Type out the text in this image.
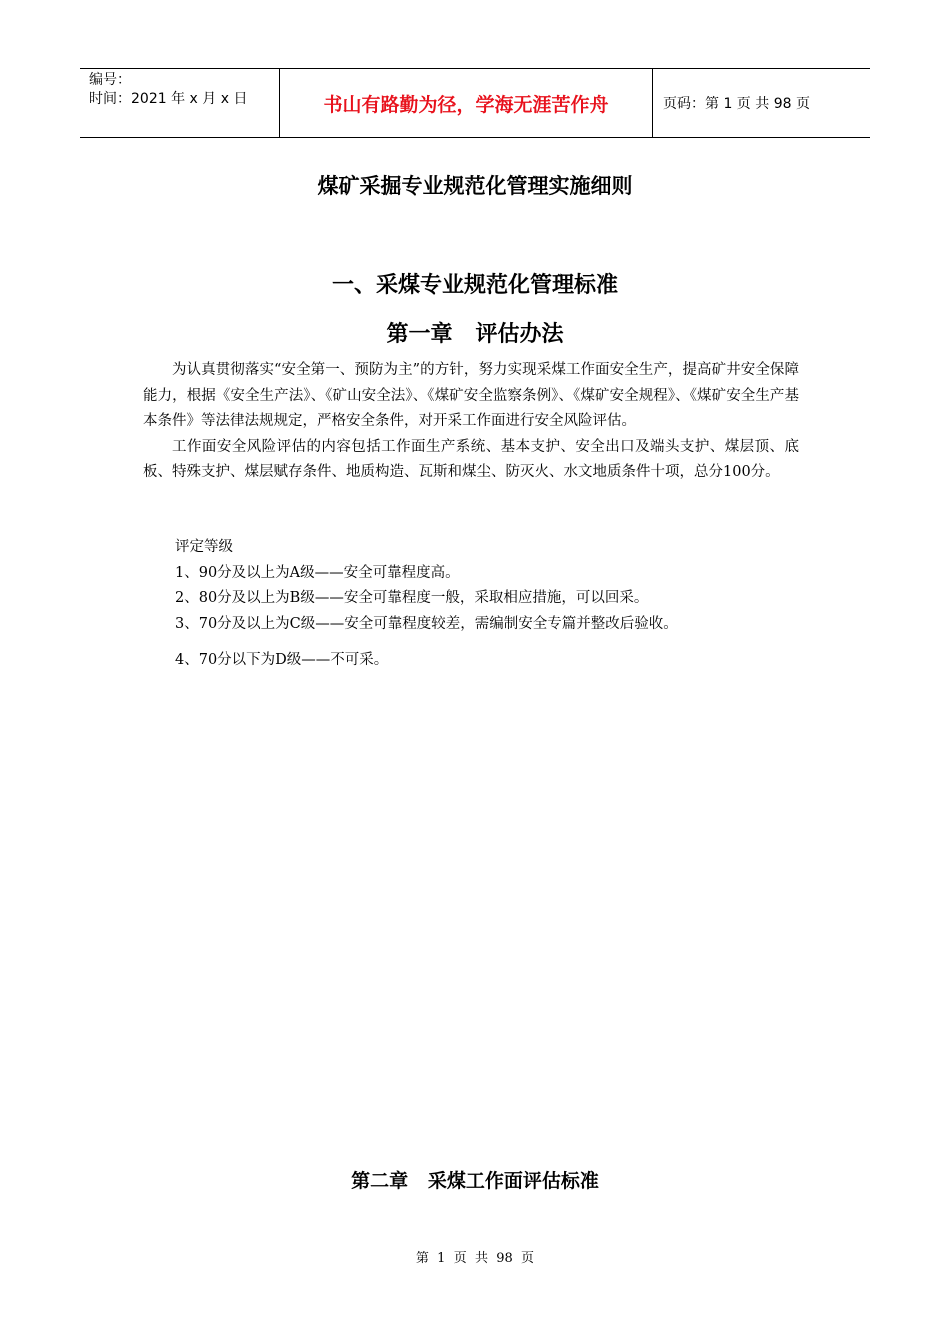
编号：
时间：2021 年 x 月 x 日	书山有路勤为径，学海无涯苦作舟	页码：第 1 页 共 98 页
煤矿采掘专业规范化管理实施细则
一、采煤专业规范化管理标准
第一章   评估办法

为认真贯彻落实“安全第一、预防为主”的方针，努力实现采煤工作面安全生产，提高矿井安全保障能力，根据《安全生产法》、《矿山安全法》、《煤矿安全监察条例》、《煤矿安全规程》、《煤矿安全生产基本条件》等法律法规规定，严格安全条件，对开采工作面进行安全风险评估。

工作面安全风险评估的内容包括工作面生产系统、基本支护、安全出口及端头支护、煤层顶、底板、特殊支护、煤层赋存条件、地质构造、瓦斯和煤尘、防灭火、水文地质条件十项，总分100分。

评定等级
1、90分及以上为A级——安全可靠程度高。
2、80分及以上为B级——安全可靠程度一般，采取相应措施，可以回采。
3、70分及以上为C级——安全可靠程度较差，需编制安全专篇并整改后验收。
4、70分以下为D级——不可采。
第二章   采煤工作面评估标准
第  1  页  共  98  页
